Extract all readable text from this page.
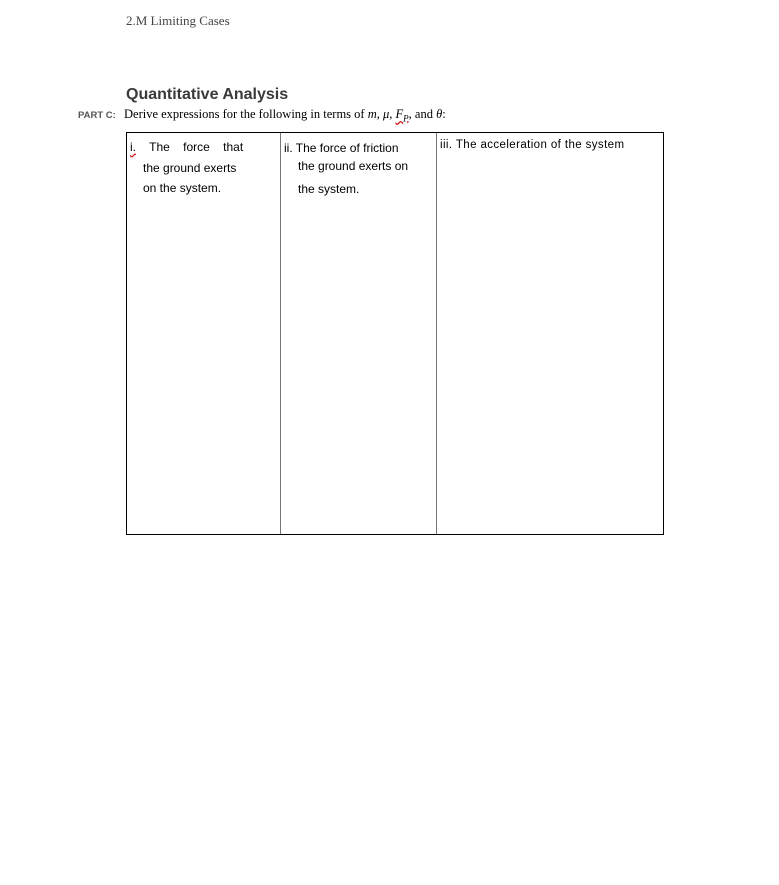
2.M Limiting Cases
Quantitative Analysis
PART C: Derive expressions for the following in terms of m, μ, $F_P$, and θ:
i. The force that
the ground exerts
on the system.
ii. The force of friction
the ground exerts on
the system.
iii. The acceleration of the system
